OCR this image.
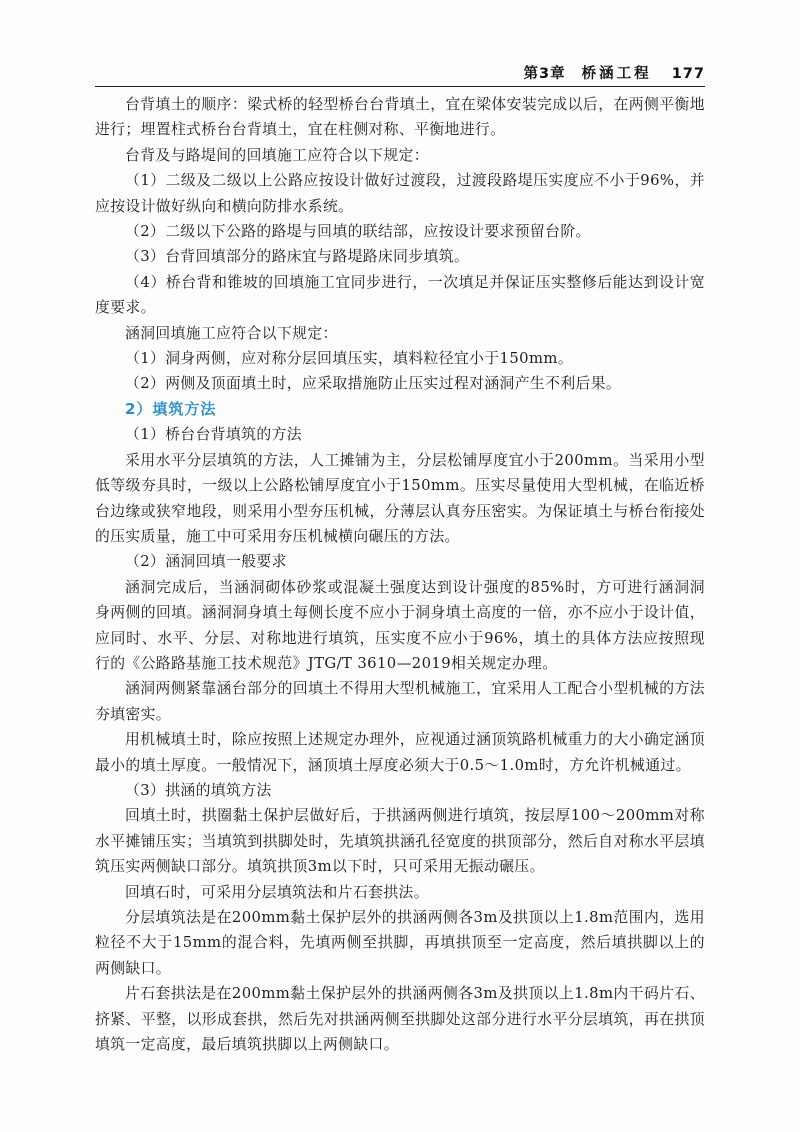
第3章 桥涵工程 177

台背填土的顺序：梁式桥的轻型桥台台背填土，宜在梁体安装完成以后，在两侧平衡地进行；埋置柱式桥台台背填土，宜在柱侧对称、平衡地进行。

台背及与路堤间的回填施工应符合以下规定：

（1）二级及二级以上公路应按设计做好过渡段，过渡段路堤压实度应不小于96%，并应按设计做好纵向和横向防排水系统。

（2）二级以下公路的路堤与回填的联结部，应按设计要求预留台阶。

（3）台背回填部分的路床宜与路堤路床同步填筑。

（4）桥台背和锥坡的回填施工宜同步进行，一次填足并保证压实整修后能达到设计宽度要求。

涵洞回填施工应符合以下规定：

（1）洞身两侧，应对称分层回填压实，填料粒径宜小于150mm。

（2）两侧及顶面填土时，应采取措施防止压实过程对涵洞产生不利后果。

2）填筑方法

（1）桥台台背填筑的方法

采用水平分层填筑的方法，人工摊铺为主，分层松铺厚度宜小于200mm。当采用小型低等级夯具时，一级以上公路松铺厚度宜小于150mm。压实尽量使用大型机械，在临近桥台边缘或狭窄地段，则采用小型夯压机械，分薄层认真夯压密实。为保证填土与桥台衔接处的压实质量，施工中可采用夯压机械横向碾压的方法。

（2）涵洞回填一般要求

涵洞完成后，当涵洞砌体砂浆或混凝土强度达到设计强度的85%时，方可进行涵洞洞身两侧的回填。涵洞洞身填土每侧长度不应小于洞身填土高度的一倍，亦不应小于设计值，应同时、水平、分层、对称地进行填筑，压实度不应小于96%，填土的具体方法应按照现行的《公路路基施工技术规范》JTG/T 3610—2019相关规定办理。

涵洞两侧紧靠涵台部分的回填土不得用大型机械施工，宜采用人工配合小型机械的方法夯填密实。

用机械填土时，除应按照上述规定办理外，应视通过涵顶筑路机械重力的大小确定涵顶最小的填土厚度。一般情况下，涵顶填土厚度必须大于0.5～1.0m时，方允许机械通过。

（3）拱涵的填筑方法

回填土时，拱圈黏土保护层做好后，于拱涵两侧进行填筑，按层厚100～200mm对称水平摊铺压实；当填筑到拱脚处时，先填筑拱涵孔径宽度的拱顶部分，然后自对称水平层填筑压实两侧缺口部分。填筑拱顶3m以下时，只可采用无振动碾压。

回填石时，可采用分层填筑法和片石套拱法。

分层填筑法是在200mm黏土保护层外的拱涵两侧各3m及拱顶以上1.8m范围内，选用粒径不大于15mm的混合料，先填两侧至拱脚，再填拱顶至一定高度，然后填拱脚以上的两侧缺口。

片石套拱法是在200mm黏土保护层外的拱涵两侧各3m及拱顶以上1.8m内干码片石、挤紧、平整，以形成套拱，然后先对拱涵两侧至拱脚处这部分进行水平分层填筑，再在拱顶填筑一定高度，最后填筑拱脚以上两侧缺口。
